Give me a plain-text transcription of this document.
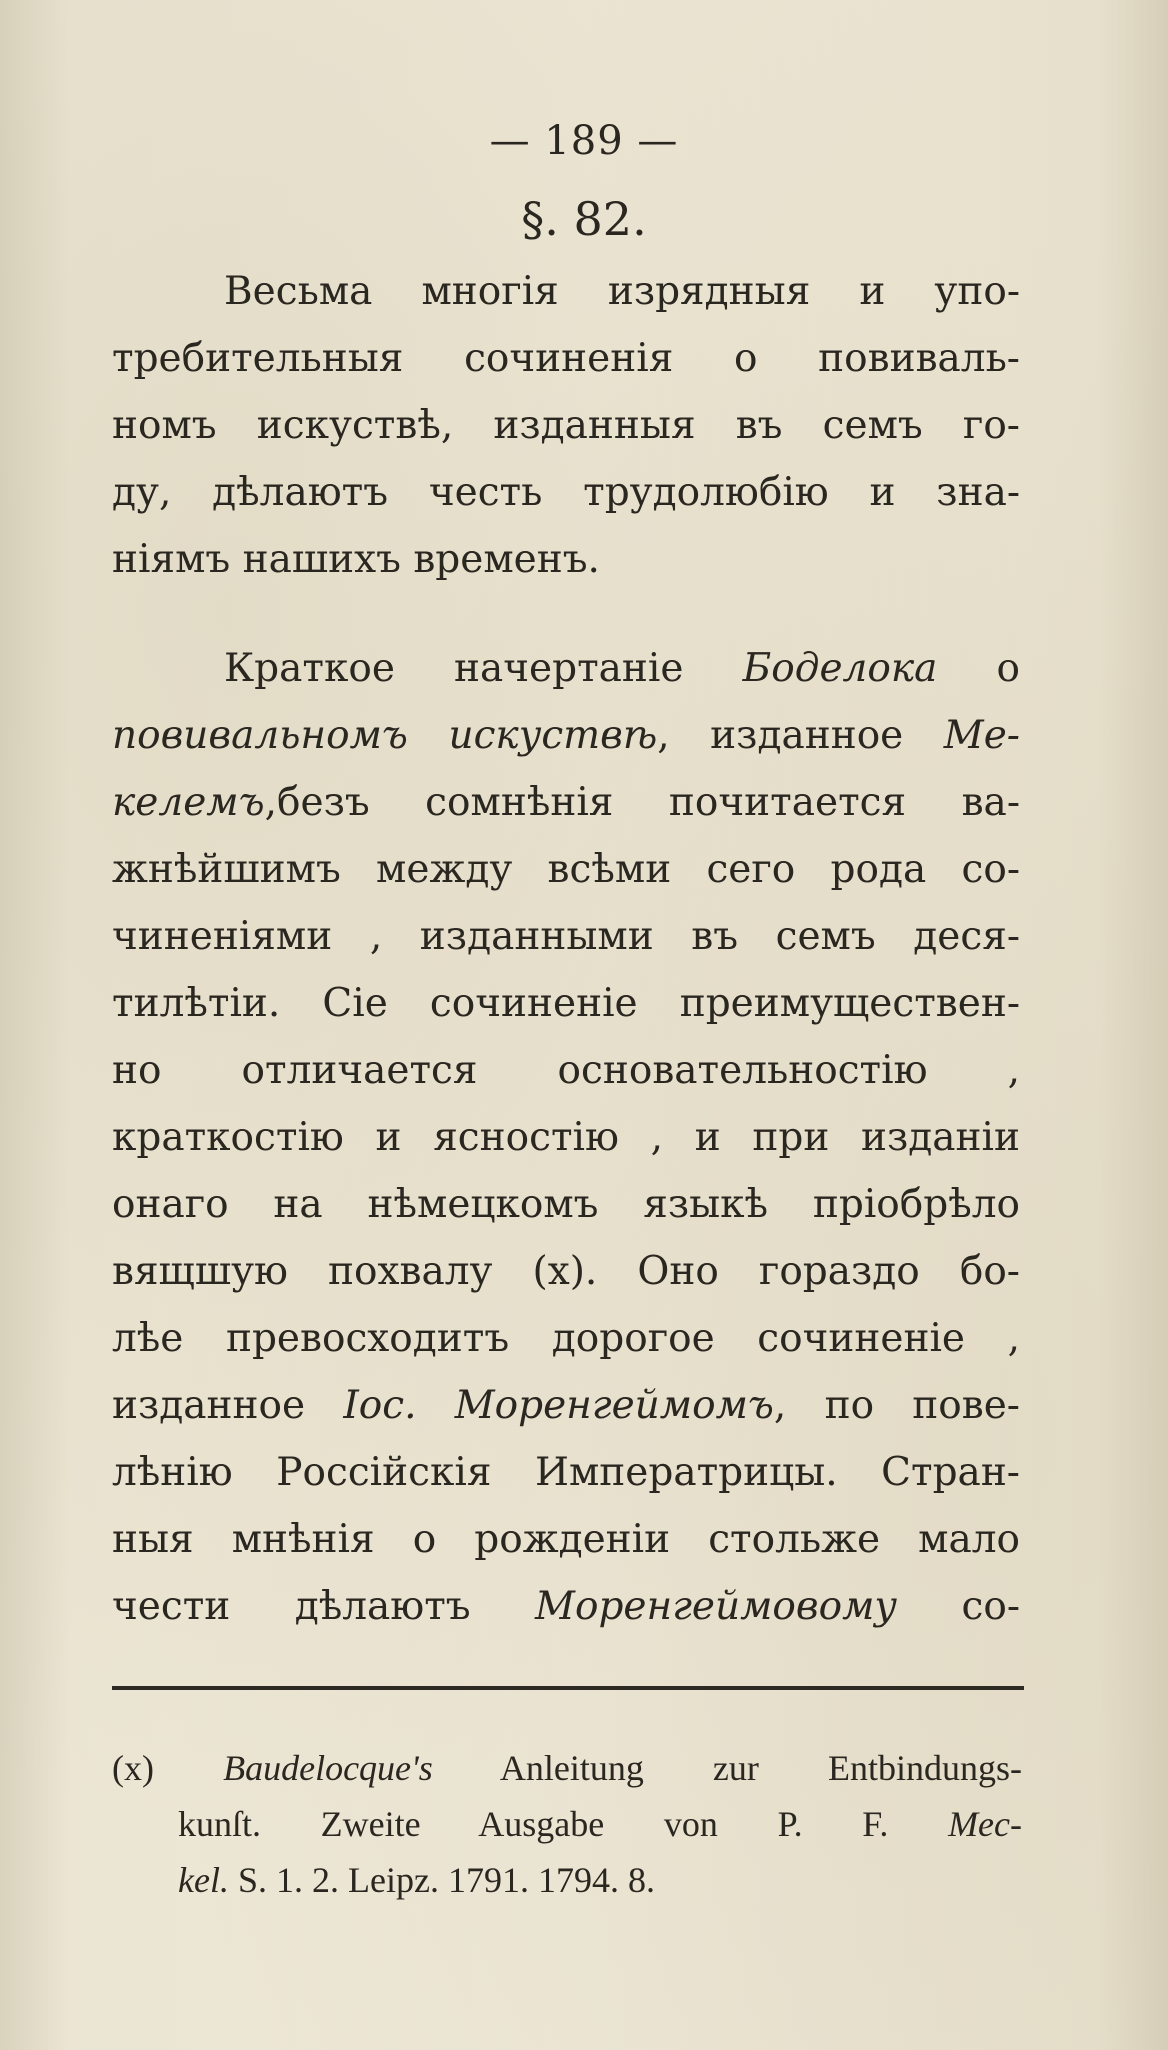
— 189 —
§. 82.
Весьма многія изрядныя и упо-
требительныя сочиненія о повиваль-
номъ искуствѣ, изданныя въ семъ го-
ду, дѣлаютъ честь трудолюбію и зна-
ніямъ нашихъ временъ.
Краткое начертаніе Боделока о
повивальномъ искуствѣ, изданное Ме-
келемъ,безъ сомнѣнія почитается ва-
жнѣйшимъ между всѣми сего рода со-
чиненіями , изданными въ семъ деся-
тилѣтіи. Сіе сочиненіе преимуществен-
но отличается основательностію ,
краткостію и ясностію , и при изданіи
онаго на нѣмецкомъ языкѣ пріобрѣло
вящшую похвалу (x). Оно гораздо бо-
лѣе превосходитъ дорогое сочиненіе ,
изданное Іос. Моренгеймомъ, по пове-
лѣнію Россійскія Императрицы. Стран-
ныя мнѣнія о рожденіи стольже мало
чести дѣлаютъ Моренгеймовому со-
(x) Baudelocque's Anleitung zur Entbindungs-
kunſt. Zweite Ausgabe von P. F. Mec-
kel. S. 1. 2. Leipz. 1791. 1794. 8.
